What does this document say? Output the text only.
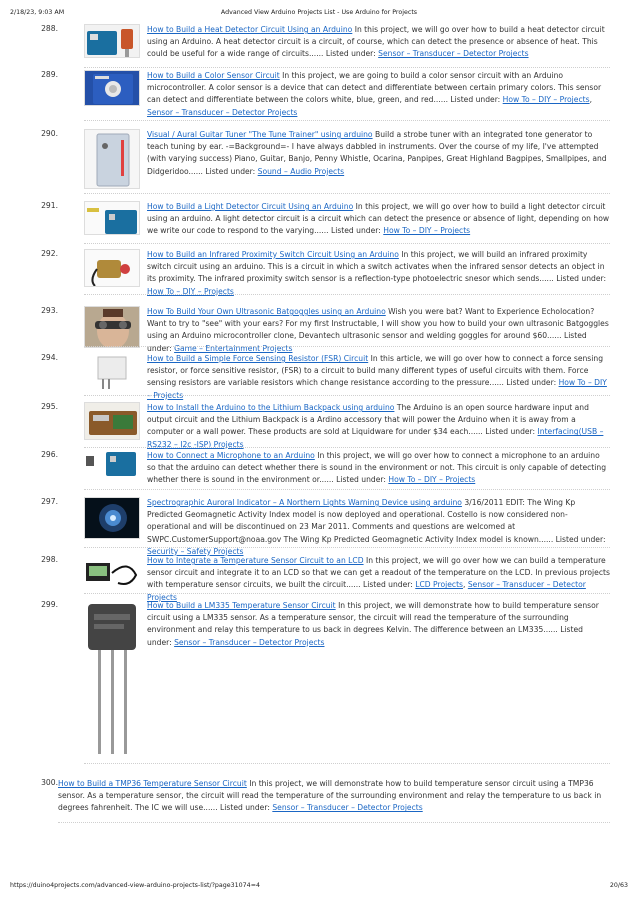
2/18/23, 9:03 AM	Advanced View Arduino Projects List - Use Arduino for Projects
288.	How to Build a Heat Detector Circuit Using an Arduino In this project, we will go over how to build a heat detector circuit using an Arduino. A heat detector circuit is a circuit, of course, which can detect the presence or absence of heat. This could be useful for a wide range of circuits...... Listed under: Sensor – Transducer – Detector Projects
289.	How to Build a Color Sensor Circuit In this project, we are going to build a color sensor circuit with an Arduino microcontroller. A color sensor is a device that can detect and differentiate between certain primary colors. This sensor can detect and differentiate between the colors white, blue, green, and red...... Listed under: How To – DIY – Projects, Sensor – Transducer – Detector Projects
290.	Visual / Aural Guitar Tuner "The Tune Trainer" using arduino Build a strobe tuner with an integrated tone generator to teach tuning by ear. -=Background=- I have always dabbled in instruments. Over the course of my life, I've attempted (with varying success) Piano, Guitar, Banjo, Penny Whistle, Ocarina, Panpipes, Great Highland Bagpipes, Smallpipes, and Didgeridoo...... Listed under: Sound – Audio Projects
291.	How to Build a Light Detector Circuit Using an Arduino In this project, we will go over how to build a light detector circuit using an arduino. A light detector circuit is a circuit which can detect the presence or absence of light, depending on how we write our code to respond to the varying...... Listed under: How To – DIY – Projects
292.	How to Build an Infrared Proximity Switch Circuit Using an Arduino In this project, we will build an infrared proximity switch circuit using an arduino. This is a circuit in which a switch activates when the infrared sensor detects an object in its proximity. The infrared proximity switch sensor is a reflection-type photoelectric snesor which sends...... Listed under: How To – DIY – Projects
293.	How To Build Your Own Ultrasonic Batgoggles using an Arduino Wish you were bat? Want to Experience Echolocation? Want to try to "see" with your ears? For my first Instructable, I will show you how to build your own ultrasonic Batgoggles using an Arduino microcontroller clone, Devantech ultrasonic sensor and welding goggles for around $60...... Listed under: Game – Entertainment Projects
294.	How to Build a Simple Force Sensing Resistor (FSR) Circuit In this article, we will go over how to connect a force sensing resistor, or force sensitive resistor, (FSR) to a circuit to build many different types of useful circuits with them. Force sensing resistors are variable resistors which change resistance according to the pressure...... Listed under: How To – DIY – Projects
295.	How to Install the Arduino to the Lithium Backpack using arduino The Arduino is an open source hardware input and output circuit and the Lithium Backpack is a Ardino accessory that will power the Arduino when it is away from a computer or a wall power. These products are sold at Liquidware for under $34 each...... Listed under: Interfacing(USB – RS232 – I2c -ISP) Projects
296.	How to Connect a Microphone to an Arduino In this project, we will go over how to connect a microphone to an arduino so that the arduino can detect whether there is sound in the environment or not. This circuit is only capable of detecting whether there is sound in the environment or...... Listed under: How To – DIY – Projects
297.	Spectrographic Auroral Indicator – A Northern Lights Warning Device using arduino 3/16/2011 EDIT: The Wing Kp Predicted Geomagnetic Activity Index model is now deployed and operational. Costello is now considered non-operational and will be discontinued on 23 Mar 2011. Comments and questions are welcomed at SWPC.CustomerSupport@noaa.gov The Wing Kp Predicted Geomagnetic Activity Index model is known...... Listed under: Security – Safety Projects
298.	How to Integrate a Temperature Sensor Circuit to an LCD In this project, we will go over how we can build a temperature sensor circuit and integrate it to an LCD so that we can get a readout of the temperature on the LCD. In previous projects with temperature sensor circuits, we built the circuit...... Listed under: LCD Projects, Sensor – Transducer – Detector Projects
299.	How to Build a LM335 Temperature Sensor Circuit In this project, we will demonstrate how to build temperature sensor circuit using a LM335 sensor. As a temperature sensor, the circuit will read the temperature of the surrounding environment and relay this temperature to us back in degrees Kelvin. The difference between an LM335...... Listed under: Sensor – Transducer – Detector Projects
300. How to Build a TMP36 Temperature Sensor Circuit In this project, we will demonstrate how to build temperature sensor circuit using a TMP36 sensor. As a temperature sensor, the circuit will read the temperature of the surrounding environment and relay the temperature to us back in degrees fahrenheit. The IC we will use...... Listed under: Sensor – Transducer – Detector Projects
https://duino4projects.com/advanced-view-arduino-projects-list/?page31074=4	20/63
